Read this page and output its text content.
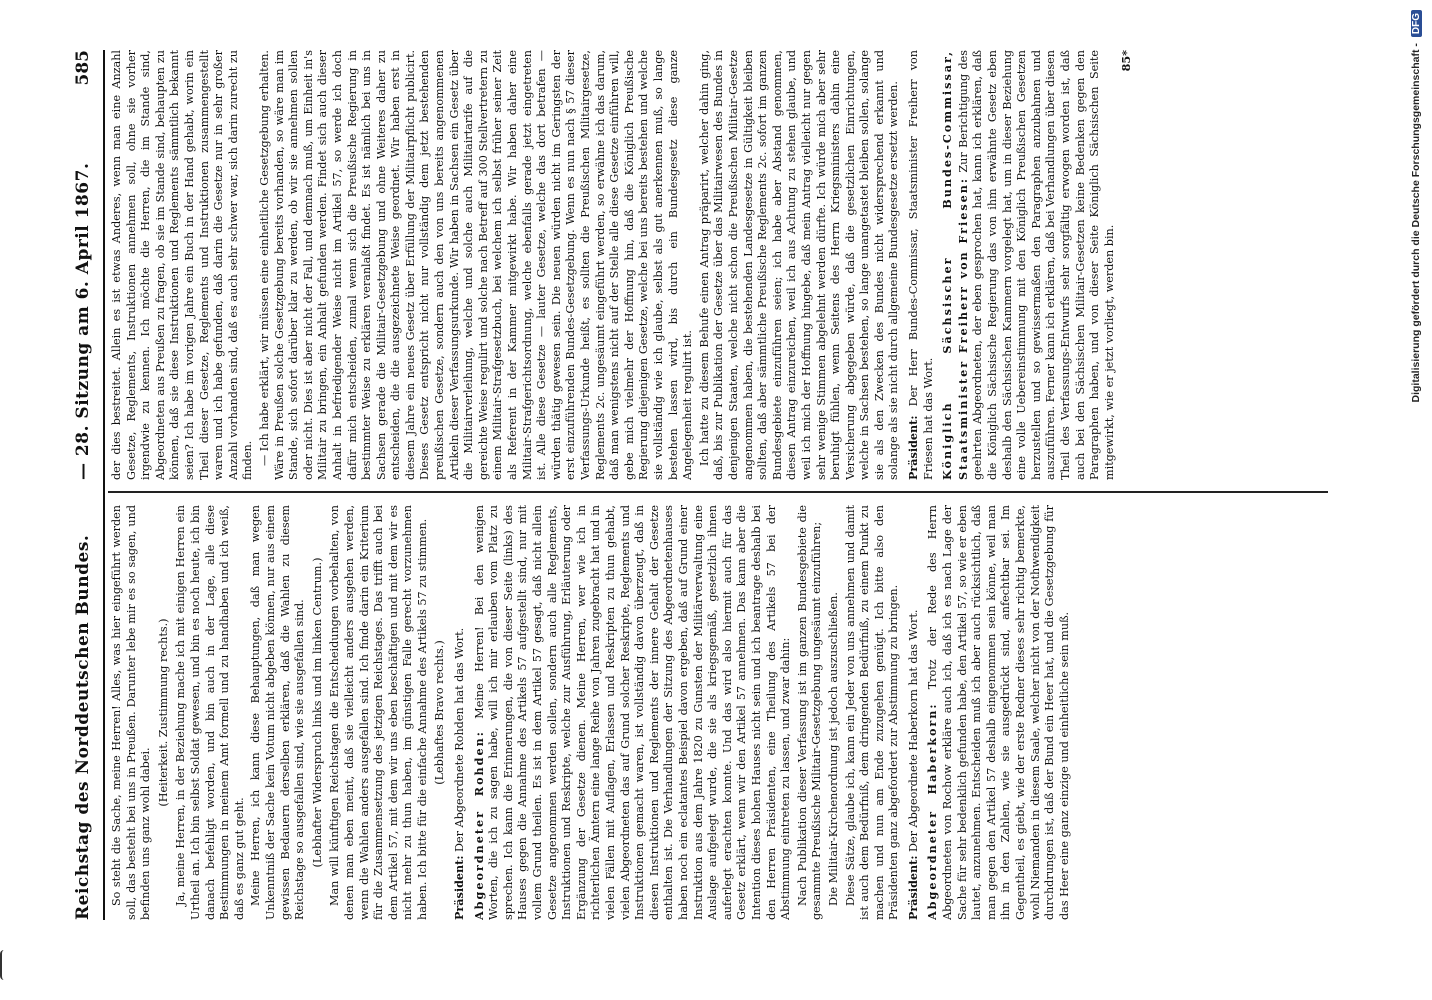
Reichstag des Norddeutschen Bundes.
— 28. Sitzung am 6. April 1867.
585

So steht die Sache, meine Herren! Alles, was hier eingeführt werden soll, das besteht bei uns in Preußen. Darunter lebe mir es so sagen, und befinden uns ganz wohl dabei.

(Heiterkeit. Zustimmung rechts.) Ja, meine Herren, in der Beziehung mache ich mit einigen Herren ein Urtheil an. Ich bin selbst Soldat gewesen, und bin es noch heute, ich bin danach befehligt worden, und bin auch in der Lage, alle diese Bestimmungen in meinem Amt formell und zu handhaben und ich weiß, daß es ganz gut geht. Meine Herren, ich kann diese Behauptungen, daß man wegen Unkenntniß der Sache kein Votum nicht abgeben können, nur aus einem gewissen Bedauern derselben erklären, daß die Wahlen zu diesem Reichstage so ausgefallen sind, wie sie ausgefallen sind. (Lebhafter Widerspruch links und im linken Centrum.) Man will künftigen Reichstagen die Entscheidungen vorbehalten, von denen man eben meint, daß sie vielleicht anders ausgehen werden, wenn die Wahlen anders ausgefallen sind. Ich finde darin ein Kriterium für die Zusammensetzung des jetzigen Reichstages. Das trifft auch bei dem Artikel 57, mit dem wir uns eben beschäftigen und mit dem wir es nicht mehr zu thun haben, im günstigen Falle gerecht vorzunehmen haben. Ich bitte für die einfache Annahme des Artikels 57 zu stimmen. (Lebhaftes Bravo rechts.)

Präsident: Der Abgeordnete Rohden hat das Wort. Abgeordneter Rohden: Meine Herren! Bei den wenigen Worten, die ich zu sagen habe, will ich mir erlauben vom Platz zu sprechen. Ich kann die Erinnerungen, die von dieser Seite (links) des Hauses gegen die Annahme des Artikels 57 aufgestellt sind, nur mit vollem Grund theilen. Es ist in dem Artikel 57 gesagt, daß nicht allein Gesetze angenommen werden sollen, sondern auch alle Reglements, Instruktionen und Reskripte, welche zur Ausführung, Erläuterung oder Ergänzung der Gesetze dienen. Meine Herren, wer wie ich in richterlichen Ämtern eine lange Reihe von Jahren zugebracht hat und in vielen Fällen mit Auflagen, Erlassen und Reskripten zu thun gehabt, vielen Abgeordneten das auf Grund solcher Reskripte, Reglements und Instruktionen gemacht waren, ist vollständig davon überzeugt, daß in diesen Instruktionen und Reglements der innere Gehalt der Gesetze enthalten ist. Die Verhandlungen der Sitzung des Abgeordnetenhauses haben noch ein eclatantes Beispiel davon ergeben, daß auf Grund einer Instruktion aus dem Jahre 1820 zu Gunsten der Militärverwaltung eine Auslage aufgelegt wurde, die sie als kriegsgemäß, gesetzlich ihnen auferlegt erachten konnte. Und das wird also hiermit auch für das Gesetz erklärt, wenn wir den Artikel 57 annehmen. Das kann aber die Intention dieses hohen Hauses nicht sein und ich beantrage deshalb bei den Herren Präsidenten, eine Theilung des Artikels 57 bei der Abstimmung eintreten zu lassen, und zwar dahin: Nach Publikation dieser Verfassung ist im ganzen Bundesgebiete die gesammte Preußische Militair-Gesetzgebung ungesäumt einzuführen; Die Militair-Kirchenordnung ist jedoch auszuschließen. Diese Sätze, glaube ich, kann ein Jeder von uns annehmen und damit ist auch dem Bedürfniß, dem dringenden Bedürfniß, zu einem Punkt zu machen und nun am Ende zuzugehen genügt. Ich bitte also den Präsidenten ganz abgefordert zur Abstimmung zu bringen. Präsident: Der Abgeordnete Haberkorn hat das Wort. Abgeordneter Haberkorn: Trotz der Rede des Herrn Abgeordneten von Rochow erkläre auch ich, daß ich es nach Lage der Sache für sehr bedenklich gefunden habe, den Artikel 57, so wie er eben lautet, anzunehmen. Entscheiden muß ich aber auch rücksichtlich, daß man gegen den Artikel 57 deshalb eingenommen sein könne, weil man ihn in den Zahlen, wie sie ausgedrückt sind, anfechtbar sei. Im Gegentheil, es giebt, wie der erste Redner dieses sehr richtig bemerkte, wohl Niemanden in diesem Saale, welcher nicht von der Nothwendigkeit durchdrungen ist, daß der Bund ein Heer hat, und die Gesetzgebung für das Heer eine ganz einzige und einheitliche sein muß.

der dies bestreitet. Allein es ist etwas Anderes, wenn man eine Anzahl Gesetze, Reglements, Instruktionen annehmen soll, ohne sie vorher irgendwie zu kennen. Ich möchte die Herren, die im Stande sind, Abgeordneten aus Preußen zu fragen, ob sie im Stande sind, behaupten zu können, daß sie diese Instruktionen und Reglements sämmtlich bekannt seien? Ich habe im vorigen Jahre ein Buch in der Hand gehabt, worin ein Theil dieser Gesetze, Reglements und Instruktionen zusammengestellt waren und ich habe gefunden, daß darin die Gesetze nur in sehr großer Anzahl vorhanden sind, daß es auch sehr schwer war, sich darin zurecht zu finden. — Ich habe erklärt, wir müssen eine einheitliche Gesetzgebung erhalten. Wäre in Preußen solche Gesetzgebung bereits vorhanden, so wäre man im Stande, sich sofort darüber klar zu werden, ob wir sie annehmen sollen oder nicht. Dies ist aber nicht der Fall, und demnach muß, um Einheit in's Militair zu bringen, ein Anhalt gefunden werden. Findet sich auch dieser Anhalt in befriedigender Weise nicht im Artikel 57, so werde ich doch dafür mich entscheiden, zumal wenn sich die Preußische Regierung in bestimmter Weise zu erklären veranlaßt findet. Es ist nämlich bei uns in Sachsen gerade die Militair-Gesetzgebung und ohne Weiteres daher zu entscheiden, die die ausgezeichnete Weise geordnet. Wir haben erst in diesem Jahre ein neues Gesetz über Erfüllung der Militairpflicht publicirt. Dieses Gesetz entspricht nicht nur vollständig dem jetzt bestehenden preußischen Gesetze, sondern auch den von uns bereits angenommenen Artikeln dieser Verfassungsurkunde. Wir haben in Sachsen ein Gesetz über die Militairverleihung, welche und solche auch Militairtarife auf die gereichte Weise regulirt und solche nach Betreff auf 300 Stellvertretern zu einem Militair-Strafgesetzbuch, bei welchem ich selbst früher seiner Zeit als Referent in der Kammer mitgewirkt habe. Wir haben daher eine Militair-Strafgerichtsordnung, welche ebenfalls gerade jetzt eingetreten ist. Alle diese Gesetze — lauter Gesetze, welche das dort betrafen — würden thätig gewesen sein. Die neuen würden nicht im Geringsten der erst einzuführenden Bundes-Gesetzgebung. Wenn es nun nach § 57 dieser Verfassungs-Urkunde heißt, es sollten die Preußischen Militairgesetze, Reglements 2c. ungesäumt eingeführt werden, so erwähne ich das darum, daß man wenigstens nicht auf der Stelle alle diese Gesetze einführen will, gebe mich vielmehr der Hoffnung hin, daß die Königlich Preußische Regierung diejenigen Gesetze, welche bei uns bereits bestehen und welche sie vollständig wie ich glaube, selbst als gut anerkennen muß, so lange bestehen lassen wird, bis durch ein Bundesgesetz diese ganze Angelegenheit regulirt ist. Ich hatte zu diesem Behufe einen Antrag präparirt, welcher dahin ging, daß, bis zur Publikation der Gesetze über das Militairwesen des Bundes in denjenigen Staaten, welche nicht schon die Preußischen Militair-Gesetze angenommen haben, die bestehenden Landesgesetze in Gültigkeit bleiben sollten, daß aber sämmtliche Preußische Reglements 2c. sofort im ganzen Bundesgebiete einzuführen seien; ich habe aber Abstand genommen, diesen Antrag einzureichen, weil ich aus Achtung zu stehen glaube, und weil ich mich der Hoffnung hingebe, daß mein Antrag vielleicht nur gegen sehr wenige Stimmen abgelehnt werden dürfte. Ich würde mich aber sehr beruhigt fühlen, wenn Seitens des Herrn Kriegsministers dahin eine Versicherung abgegeben würde, daß die gesetzlichen Einrichtungen, welche in Sachsen bestehen, so lange unangetastet bleiben sollen, solange sie als den Zwecken des Bundes nicht widersprechend erkannt und solange als sie nicht durch allgemeine Bundesgesetze ersetzt werden. Präsident: Der Herr Bundes-Commissar, Staatsminister Freiherr von Friesen hat das Wort. Königlich Sächsischer Bundes-Commissar, Staatsminister Freiherr von Friesen: Zur Berichtigung des geehrten Abgeordneten, der eben gesprochen hat, kann ich erklären, daß die Königlich Sächsische Regierung das von ihm erwähnte Gesetz eben deshalb den Sächsischen Kammern vorgelegt hat, um in dieser Beziehung eine volle Uebereinstimmung mit den Königlich Preußischen Gesetzen herzustellen und so gewissermaßen den Paragraphen anzubahnen und auszuführen. Ferner kann ich erklären, daß bei Verhandlungen über diesen Theil des Verfassungs-Entwurfs sehr sorgfältig erwogen worden ist, daß auch bei den Sächsischen Militair-Gesetzen keine Bedenken gegen den Paragraphen haben, und von dieser Seite Königlich Sächsischen Seite mitgewirkt, wie er jetzt vorliegt, werden bin.

85*	Digitalisierung gefördert durch die Deutsche Forschungsgemeinschaft -
DFG
